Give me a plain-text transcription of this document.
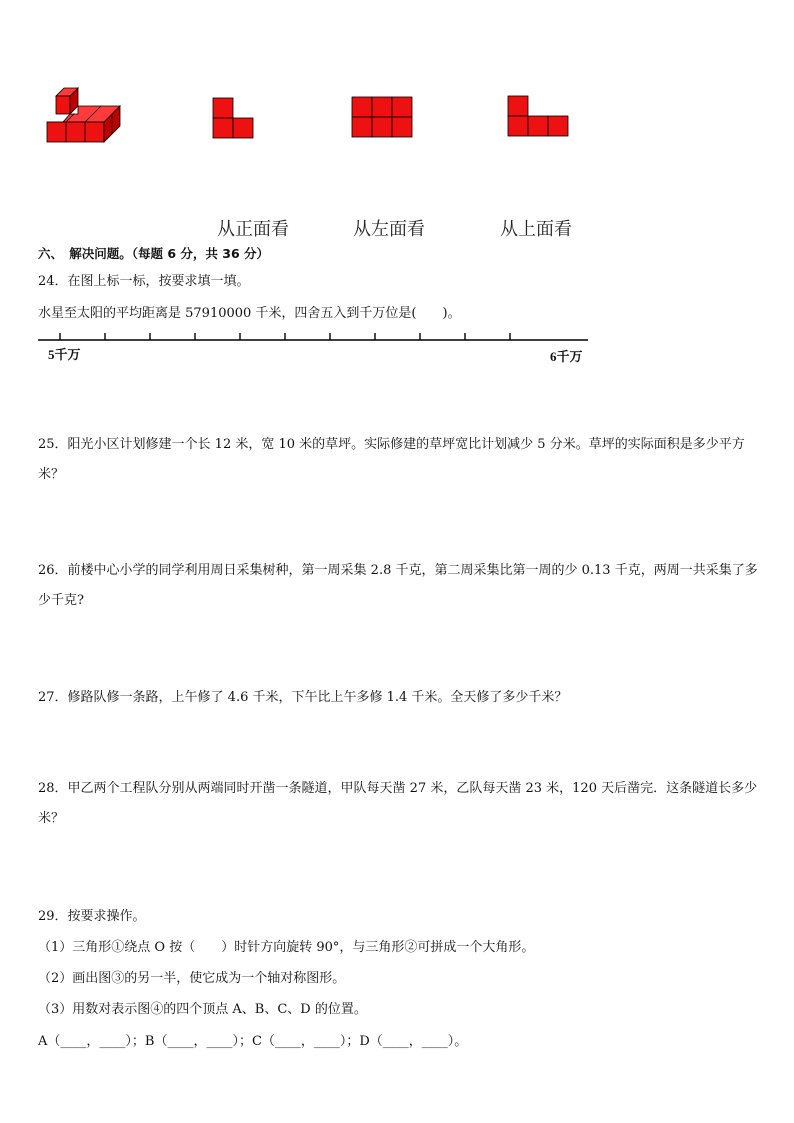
从正面看	从左面看	从上面看
六、　解决问题。（每题 6 分，共 36 分）
24．在图上标一标，按要求填一填。
水星至太阳的平均距离是 57910000 千米，四舍五入到千万位是(　　)。
5千万	6千万
25．阳光小区计划修建一个长 12 米，宽 10 米的草坪。实际修建的草坪宽比计划减少 5 分米。草坪的实际面积是多少平方米？
26．前楼中心小学的同学利用周日采集树种，第一周采集 2.8 千克，第二周采集比第一周的少 0.13 千克，两周一共采集了多少千克?
27．修路队修一条路，上午修了 4.6 千米，下午比上午多修 1.4 千米。全天修了多少千米？
28．甲乙两个工程队分别从两端同时开凿一条隧道，甲队每天凿 27 米，乙队每天凿 23 米，120 天后凿完．这条隧道长多少米？
29．按要求操作。
（1）三角形①绕点 O 按（　　）时针方向旋转 90°，与三角形②可拼成一个大角形。
（2）画出图③的另一半，使它成为一个轴对称图形。
（3）用数对表示图④的四个顶点 A、B、C、D 的位置。
A（____，____）；B（____，____）；C（____，____）；D（____，____）。
